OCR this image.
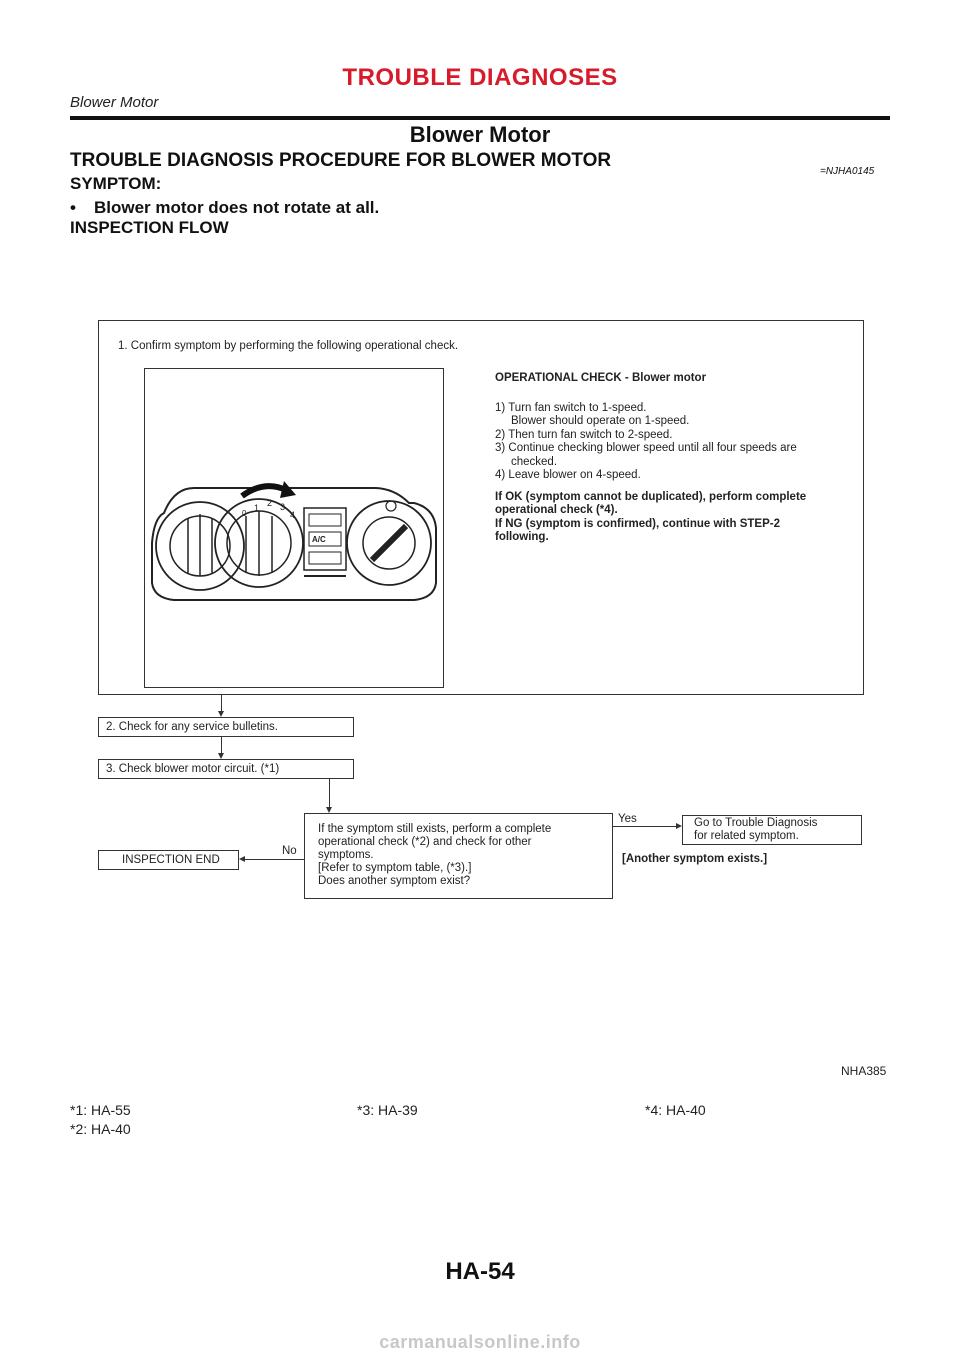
TROUBLE DIAGNOSES
Blower Motor
Blower Motor
TROUBLE DIAGNOSIS PROCEDURE FOR BLOWER MOTOR
=NJHA0145
SYMPTOM:
• Blower motor does not rotate at all.
INSPECTION FLOW
1. Confirm symptom by performing the following operational check.
1 2 3
4
0
A/C
OPERATIONAL CHECK - Blower motor
1) Turn fan switch to 1-speed.
Blower should operate on 1-speed.
2) Then turn fan switch to 2-speed.
3) Continue checking blower speed until all four speeds are
checked.
4) Leave blower on 4-speed.
If OK (symptom cannot be duplicated), perform complete
operational check (*4).
If NG (symptom is confirmed), continue with STEP-2
following.
2. Check for any service bulletins.
3. Check blower motor circuit. (*1)
If the symptom still exists, perform a complete
operational check (*2) and check for other
symptoms.
[Refer to symptom table, (*3).]
Does another symptom exist?
Yes	Go to Trouble Diagnosis
for related symptom.
[Another symptom exists.]
No
INSPECTION END
NHA385
*1: HA-55
*2: HA-40
*3: HA-39	*4: HA-40
HA-54
carmanualsonline.info
